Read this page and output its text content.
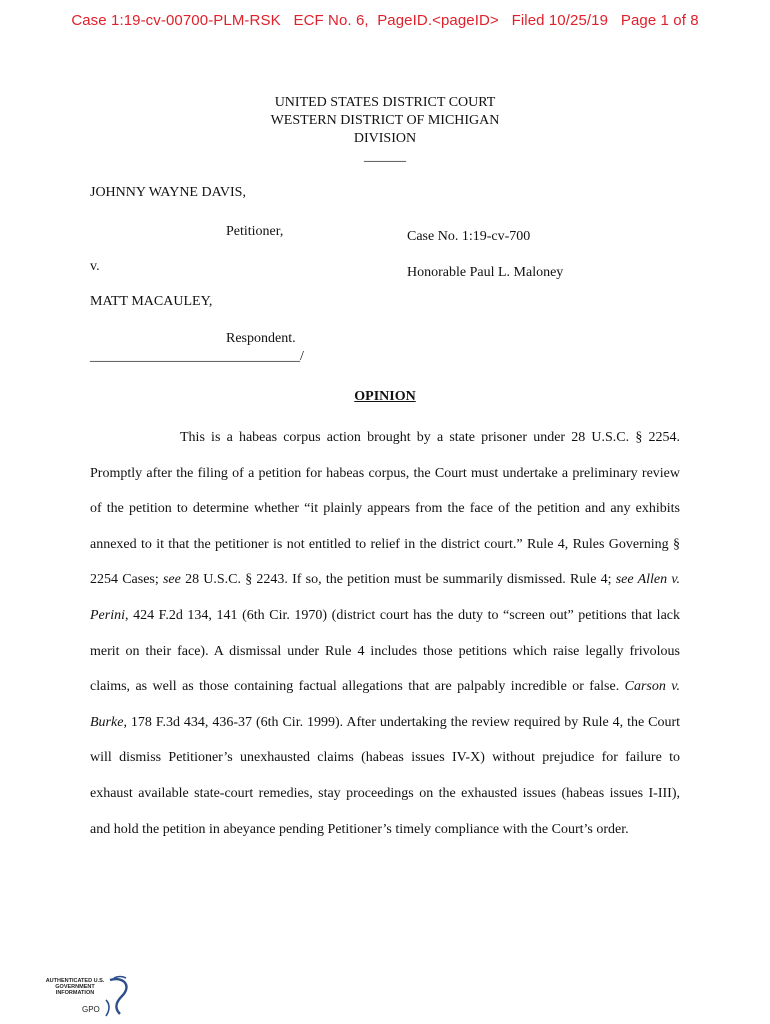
Case 1:19-cv-00700-PLM-RSK   ECF No. 6,  PageID.<pageID>   Filed 10/25/19   Page 1 of 8
UNITED STATES DISTRICT COURT
WESTERN DISTRICT OF MICHIGAN
DIVISION
______
JOHNNY WAYNE DAVIS,
Petitioner,	Case No. 1:19-cv-700
v.	Honorable Paul L. Maloney
MATT MACAULEY,
Respondent.
______________________________/
OPINION

This is a habeas corpus action brought by a state prisoner under 28 U.S.C. § 2254. Promptly after the filing of a petition for habeas corpus, the Court must undertake a preliminary review of the petition to determine whether “it plainly appears from the face of the petition and any exhibits annexed to it that the petitioner is not entitled to relief in the district court.” Rule 4, Rules Governing § 2254 Cases; see 28 U.S.C. § 2243. If so, the petition must be summarily dismissed. Rule 4; see Allen v. Perini, 424 F.2d 134, 141 (6th Cir. 1970) (district court has the duty to “screen out” petitions that lack merit on their face). A dismissal under Rule 4 includes those petitions which raise legally frivolous claims, as well as those containing factual allegations that are palpably incredible or false. Carson v. Burke, 178 F.3d 434, 436-37 (6th Cir. 1999). After undertaking the review required by Rule 4, the Court will dismiss Petitioner’s unexhausted claims (habeas issues IV-X) without prejudice for failure to exhaust available state-court remedies, stay proceedings on the exhausted issues (habeas issues I-III), and hold the petition in abeyance pending Petitioner’s timely compliance with the Court’s order.

AUTHENTICATED U.S. GOVERNMENT INFORMATION
GPO
